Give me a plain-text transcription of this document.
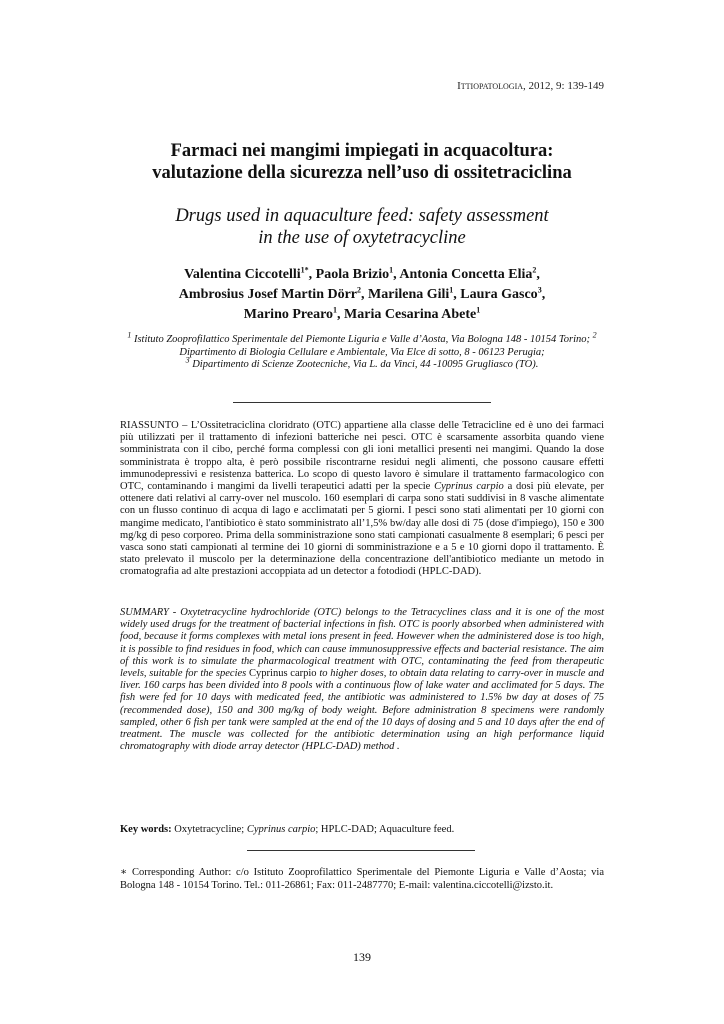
Ittiopatologia, 2012, 9: 139-149
Farmaci nei mangimi impiegati in acquacoltura:
valutazione della sicurezza nell’uso di ossitetraciclina
Drugs used in aquaculture feed: safety assessment
in the use of oxytetracycline
Valentina Ciccotelli$^{1*}$, Paola Brizio$^1$, Antonia Concetta Elia$^2$,
Ambrosius Josef Martin Dörr$^2$, Marilena Gili$^1$, Laura Gasco$^3$,
Marino Prearo$^1$, Maria Cesarina Abete$^1$
$^1$ Istituto Zooprofilattico Sperimentale del Piemonte Liguria e Valle d’Aosta, Via Bologna 148 - 10154 Torino; $^2$ Dipartimento di Biologia Cellulare e Ambientale, Via Elce di sotto, 8 - 06123 Perugia;
$^3$ Dipartimento di Scienze Zootecniche, Via L. da Vinci, 44 -10095 Grugliasco (TO).
RIASSUNTO – L’Ossitetraciclina cloridrato (OTC) appartiene alla classe delle Tetracicline ed è uno dei farmaci più utilizzati per il trattamento di infezioni batteriche nei pesci. OTC è scarsamente assorbita quando viene somministrata con il cibo, perché forma complessi con gli ioni metallici presenti nei mangimi. Quando la dose somministrata è troppo alta, è però possibile riscontrarne residui negli alimenti, che possono causare effetti immunodepressivi e resistenza batterica. Lo scopo di questo lavoro è simulare il trattamento farmacologico con OTC, contaminando i mangimi da livelli terapeutici adatti per la specie Cyprinus carpio a dosi più elevate, per ottenere dati relativi al carry-over nel muscolo. 160 esemplari di carpa sono stati suddivisi in 8 vasche alimentate con un flusso continuo di acqua di lago e acclimatati per 5 giorni. I pesci sono stati alimentati per 10 giorni con mangime medicato, l'antibiotico è stato somministrato all’1,5% bw/day alle dosi di 75 (dose d'impiego), 150 e 300 mg/kg di peso corporeo. Prima della somministrazione sono stati campionati casualmente 8 esemplari; 6 pesci per vasca sono stati campionati al termine dei 10 giorni di somministrazione e a 5 e 10 giorni dopo il trattamento. È stato prelevato il muscolo per la determinazione della concentrazione dell'antibiotico mediante un metodo in cromatografia ad alte prestazioni accoppiata ad un detector a fotodiodi (HPLC-DAD).
SUMMARY - Oxytetracycline hydrochloride (OTC) belongs to the Tetracyclines class and it is one of the most widely used drugs for the treatment of bacterial infections in fish. OTC is poorly absorbed when administered with food, because it forms complexes with metal ions present in feed. However when the administered dose is too high, it is possible to find residues in food, which can cause immunosuppressive effects and bacterial resistance. The aim of this work is to simulate the pharmacological treatment with OTC, contaminating the feed from therapeutic levels, suitable for the species Cyprinus carpio to higher doses, to obtain data relating to carry-over in muscle and liver. 160 carps has been divided into 8 pools with a continuous flow of lake water and acclimated for 5 days. The fish were fed for 10 days with medicated feed, the antibiotic was administered to 1.5% bw day at doses of 75 (recommended dose), 150 and 300 mg/kg of body weight. Before administration 8 specimens were randomly sampled, other 6 fish per tank were sampled at the end of the 10 days of dosing and 5 and 10 days after the end of treatment. The muscle was collected for the antibiotic determination using an high performance liquid chromatography with diode array detector (HPLC-DAD) method .
Key words: Oxytetracycline; Cyprinus carpio; HPLC-DAD; Aquaculture feed.
∗ Corresponding Author: c/o Istituto Zooprofilattico Sperimentale del Piemonte Liguria e Valle d’Aosta; via Bologna 148 - 10154 Torino. Tel.: 011-26861; Fax: 011-2487770; E-mail: valentina.ciccotelli@izsto.it.
139
